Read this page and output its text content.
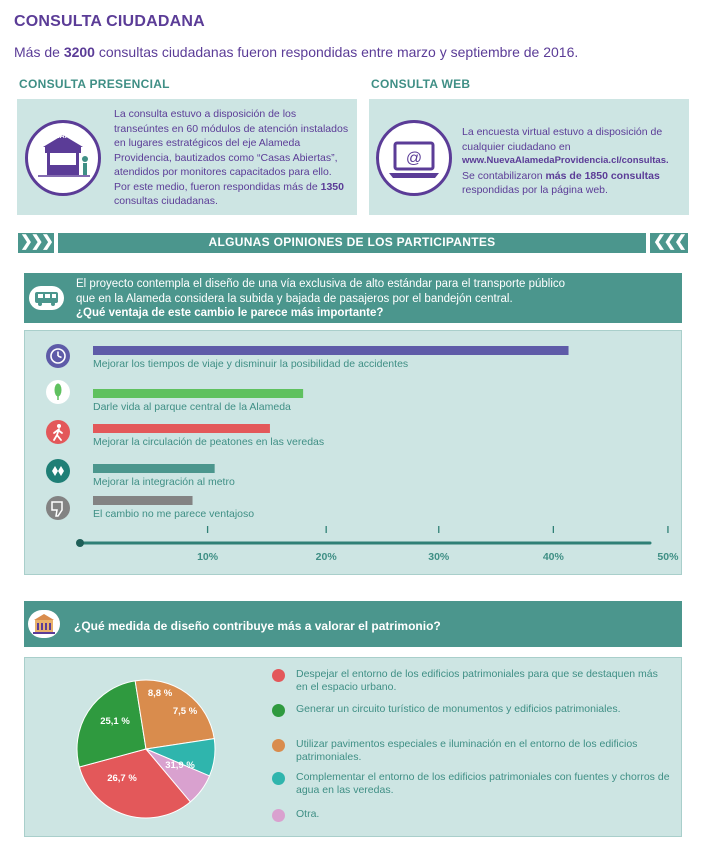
CONSULTA CIUDADANA
Más de 3200 consultas ciudadanas fueron respondidas entre marzo y septiembre de 2016.
CONSULTA PRESENCIAL
NAP
La consulta estuvo a disposición de los transeúntes en 60 módulos de atención instalados en lugares estratégicos del eje Alameda Providencia, bautizados como “Casas Abiertas”, atendidos por monitores capacitados para ello. Por este medio, fueron respondidas más de 1350 consultas ciudadanas.
CONSULTA WEB
@
La encuesta virtual estuvo a disposición de cualquier ciudadano en
www.NuevaAlamedaProvidencia.cl/consultas.
Se contabilizaron más de 1850 consultas
respondidas por la página web.
❯❯❯	ALGUNAS OPINIONES DE LOS PARTICIPANTES	❮❮❮
El proyecto contempla el diseño de una vía exclusiva de alto estándar para el transporte público
que en la Alameda considera la subida y bajada de pasajeros por el bandejón central.
¿Qué ventaja de este cambio le parece más importante?
Mejorar los tiempos de viaje y disminuir la posibilidad de accidentes
Darle vida al parque central de la Alameda
Mejorar la circulación de peatones en las veredas
Mejorar la integración al metro
El cambio no me parece ventajoso
10%	20%	30%	40%	50%
¿Qué medida de diseño contribuye más a valorar el patrimonio?
31,9 %
26,7 %
25,1 %
8,8 %
7,5 %
Despejar el entorno de los edificios patrimoniales para que se destaquen más en el espacio urbano.
Generar un circuito turístico de monumentos y edificios patrimoniales.
Utilizar pavimentos especiales e iluminación en el entorno de los edificios patrimoniales.
Complementar el entorno de los edificios patrimoniales con fuentes y chorros de agua en las veredas.
Otra.
